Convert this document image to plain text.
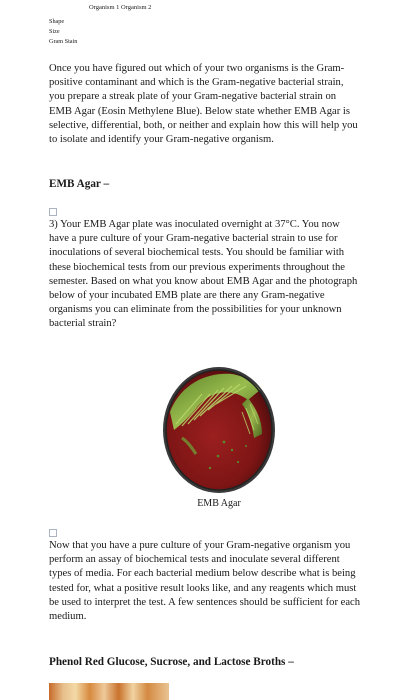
Organism 1 Organism 2
Shape
Size
Gram Stain
Once you have figured out which of your two organisms is the Gram-positive contaminant and which is the Gram-negative bacterial strain, you prepare a streak plate of your Gram-negative bacterial strain on EMB Agar (Eosin Methylene Blue). Below state whether EMB Agar is selective, differential, both, or neither and explain how this will help you to isolate and identify your Gram-negative organism.
EMB Agar –
3) Your EMB Agar plate was inoculated overnight at 37°C. You now have a pure culture of your Gram-negative bacterial strain to use for inoculations of several biochemical tests. You should be familiar with these biochemical tests from our previous experiments throughout the semester. Based on what you know about EMB Agar and the photograph below of your incubated EMB plate are there any Gram-negative organisms you can eliminate from the possibilities for your unknown bacterial strain?
EMB Agar
Now that you have a pure culture of your Gram-negative organism you perform an assay of biochemical tests and inoculate several different types of media. For each bacterial medium below describe what is being tested for, what a positive result looks like, and any reagents which must be used to interpret the test. A few sentences should be sufficient for each medium.
Phenol Red Glucose, Sucrose, and Lactose Broths –
